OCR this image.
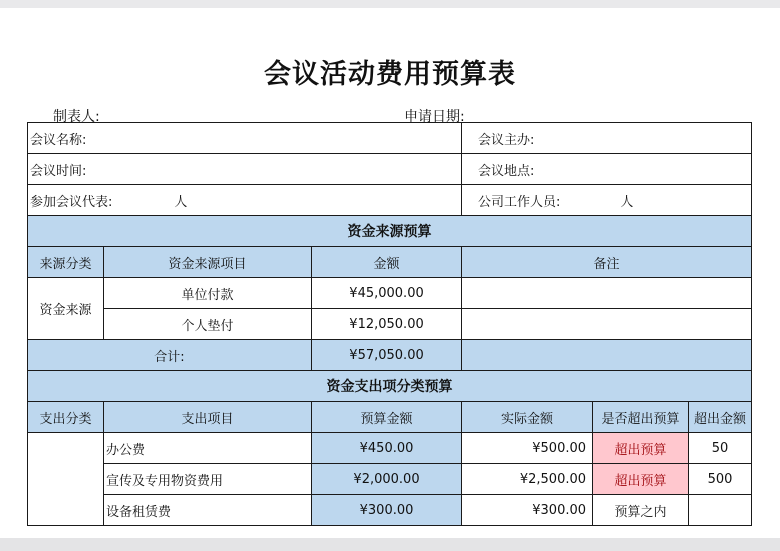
会议活动费用预算表
制表人:	申请日期:
会议名称:			会议主办:		
会议时间:			会议地点:		
参加会议代表: 人			公司工作人员: 人		
资金来源预算					
来源分类	资金来源项目	金额	备注		
资金来源	单位付款	¥45,000.00			
	个人垫付	¥12,050.00			
合计:		¥57,050.00			
资金支出项分类预算					
支出分类	支出项目	预算金额	实际金额	是否超出预算	超出金额
	办公费	¥450.00	¥500.00	超出预算	50
	宣传及专用物资费用	¥2,000.00	¥2,500.00	超出预算	500
	设备租赁费	¥300.00	¥300.00	预算之内	
